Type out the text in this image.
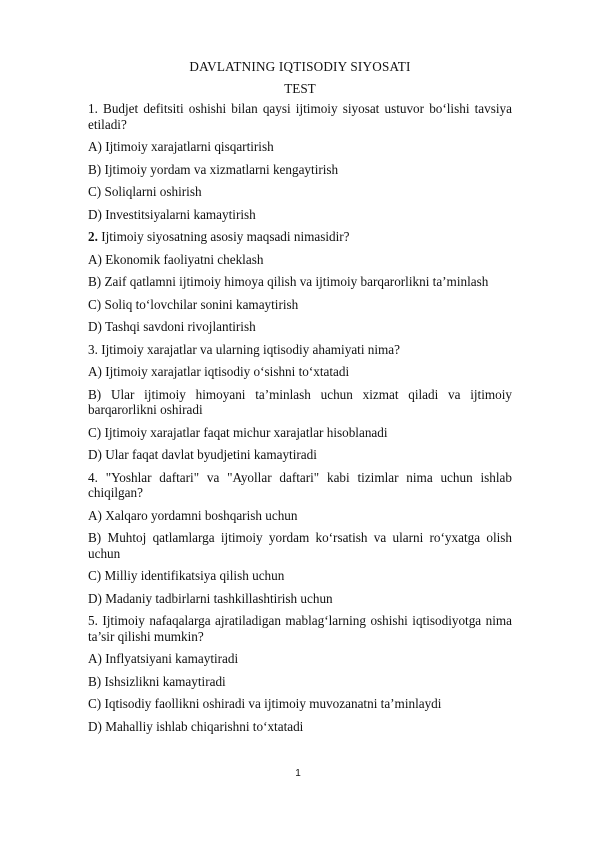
DAVLATNING IQTISODIY SIYOSATI

TEST

1. Budjet defitsiti oshishi bilan qaysi ijtimoiy siyosat ustuvor bo‘lishi tavsiya etiladi?

A) Ijtimoiy xarajatlarni qisqartirish

B) Ijtimoiy yordam va xizmatlarni kengaytirish

C) Soliqlarni oshirish

D) Investitsiyalarni kamaytirish

2. Ijtimoiy siyosatning asosiy maqsadi nimasidir?

A) Ekonomik faoliyatni cheklash

B) Zaif qatlamni ijtimoiy himoya qilish va ijtimoiy barqarorlikni ta’minlash

C) Soliq to‘lovchilar sonini kamaytirish

D) Tashqi savdoni rivojlantirish

3. Ijtimoiy xarajatlar va ularning iqtisodiy ahamiyati nima?

A) Ijtimoiy xarajatlar iqtisodiy o‘sishni to‘xtatadi

B) Ular ijtimoiy himoyani ta’minlash uchun xizmat qiladi va ijtimoiy barqarorlikni oshiradi

C) Ijtimoiy xarajatlar faqat michur xarajatlar hisoblanadi

D) Ular faqat davlat byudjetini kamaytiradi

4. "Yoshlar daftari" va "Ayollar daftari" kabi tizimlar nima uchun ishlab chiqilgan?

A) Xalqaro yordamni boshqarish uchun

B) Muhtoj qatlamlarga ijtimoiy yordam ko‘rsatish va ularni ro‘yxatga olish uchun

C) Milliy identifikatsiya qilish uchun

D) Madaniy tadbirlarni tashkillashtirish uchun

5. Ijtimoiy nafaqalarga ajratiladigan mablag‘larning oshishi iqtisodiyotga nima ta’sir qilishi mumkin?

A) Inflyatsiyani kamaytiradi

B) Ishsizlikni kamaytiradi

C) Iqtisodiy faollikni oshiradi va ijtimoiy muvozanatni ta’minlaydi

D) Mahalliy ishlab chiqarishni to‘xtatadi

1
